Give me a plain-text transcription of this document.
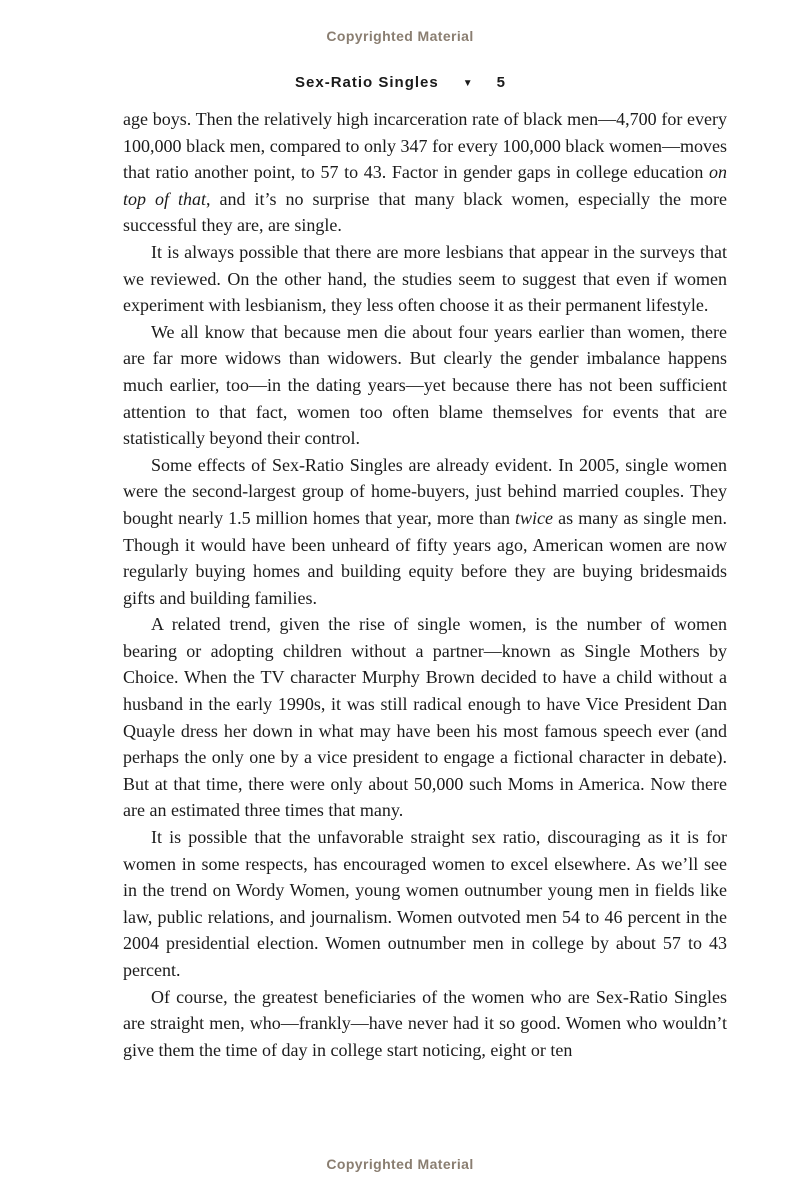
Copyrighted Material
Sex-Ratio Singles ▼ 5

age boys. Then the relatively high incarceration rate of black men—4,700 for every 100,000 black men, compared to only 347 for every 100,000 black women—moves that ratio another point, to 57 to 43. Factor in gender gaps in college education on top of that, and it’s no surprise that many black women, especially the more successful they are, are single.

It is always possible that there are more lesbians that appear in the surveys that we reviewed. On the other hand, the studies seem to suggest that even if women experiment with lesbianism, they less often choose it as their permanent lifestyle.

We all know that because men die about four years earlier than women, there are far more widows than widowers. But clearly the gender imbalance happens much earlier, too—in the dating years—yet because there has not been sufficient attention to that fact, women too often blame themselves for events that are statistically beyond their control.

Some effects of Sex-Ratio Singles are already evident. In 2005, single women were the second-largest group of home-buyers, just behind married couples. They bought nearly 1.5 million homes that year, more than twice as many as single men. Though it would have been unheard of fifty years ago, American women are now regularly buying homes and building equity before they are buying bridesmaids gifts and building families.

A related trend, given the rise of single women, is the number of women bearing or adopting children without a partner—known as Single Mothers by Choice. When the TV character Murphy Brown decided to have a child without a husband in the early 1990s, it was still radical enough to have Vice President Dan Quayle dress her down in what may have been his most famous speech ever (and perhaps the only one by a vice president to engage a fictional character in debate). But at that time, there were only about 50,000 such Moms in America. Now there are an estimated three times that many.

It is possible that the unfavorable straight sex ratio, discouraging as it is for women in some respects, has encouraged women to excel elsewhere. As we’ll see in the trend on Wordy Women, young women outnumber young men in fields like law, public relations, and journalism. Women outvoted men 54 to 46 percent in the 2004 presidential election. Women outnumber men in college by about 57 to 43 percent.

Of course, the greatest beneficiaries of the women who are Sex-Ratio Singles are straight men, who—frankly—have never had it so good. Women who wouldn’t give them the time of day in college start noticing, eight or ten

Copyrighted Material
